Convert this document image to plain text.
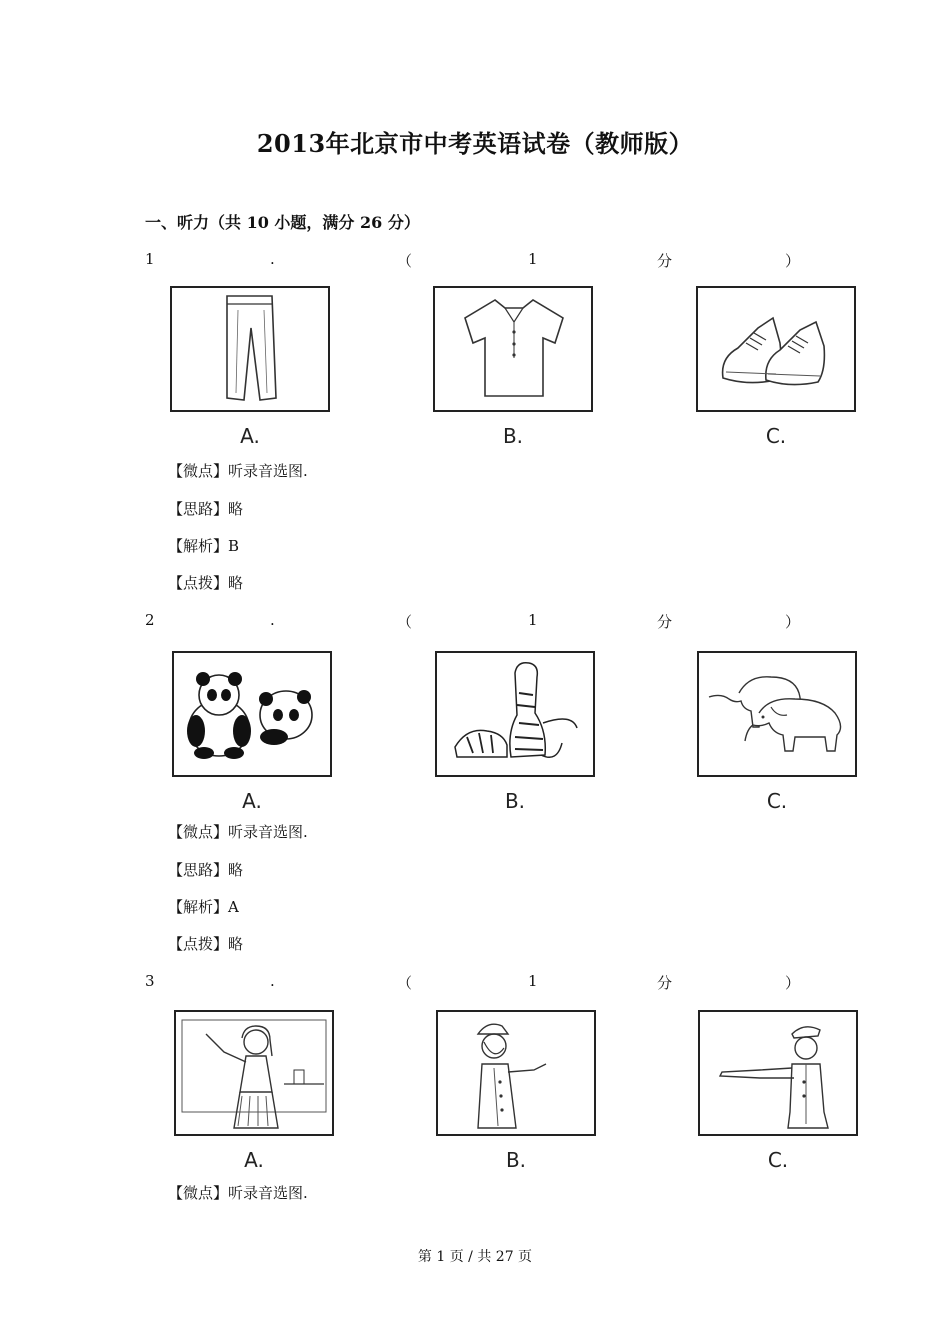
2013年北京市中考英语试卷（教师版）
一、听力（共 10 小题，满分 26 分）
1	.	（	1	分	）
A.	B.	C.
【微点】听录音选图.
【思路】略
【解析】B
【点拨】略
2	.	（	1	分	）
A.	B.	C.
【微点】听录音选图.
【思路】略
【解析】A
【点拨】略
3	.	（	1	分	）
A.	B.	C.
【微点】听录音选图.
第 1 页 / 共 27 页
